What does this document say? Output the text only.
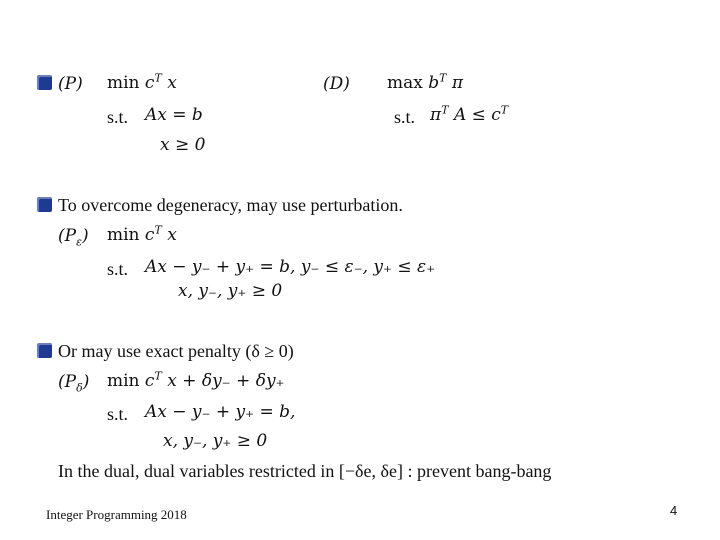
(P) $\min c^T$ x
s.t. Ax = b
x ≥ 0
(D) $\max b^T$ π
s.t. $\pi^T$ $A \le c^T$
To overcome degeneracy, may use perturbation.
$(P_\varepsilon)$ $\min c^T$ x
s.t. Ax − y₋ + y₊ = b, y₋ ≤ ε₋, y₊ ≤ ε₊
x, y₋, y₊ ≥ 0
Or may use exact penalty (δ ≥ 0)
$(P_\delta)$ $\min c^T$ x + δy₋ + δy₊
s.t. Ax − y₋ + y₊ = b,
x, y₋, y₊ ≥ 0
In the dual, dual variables restricted in [−δe, δe] : prevent bang-bang
Integer Programming 2018	4
